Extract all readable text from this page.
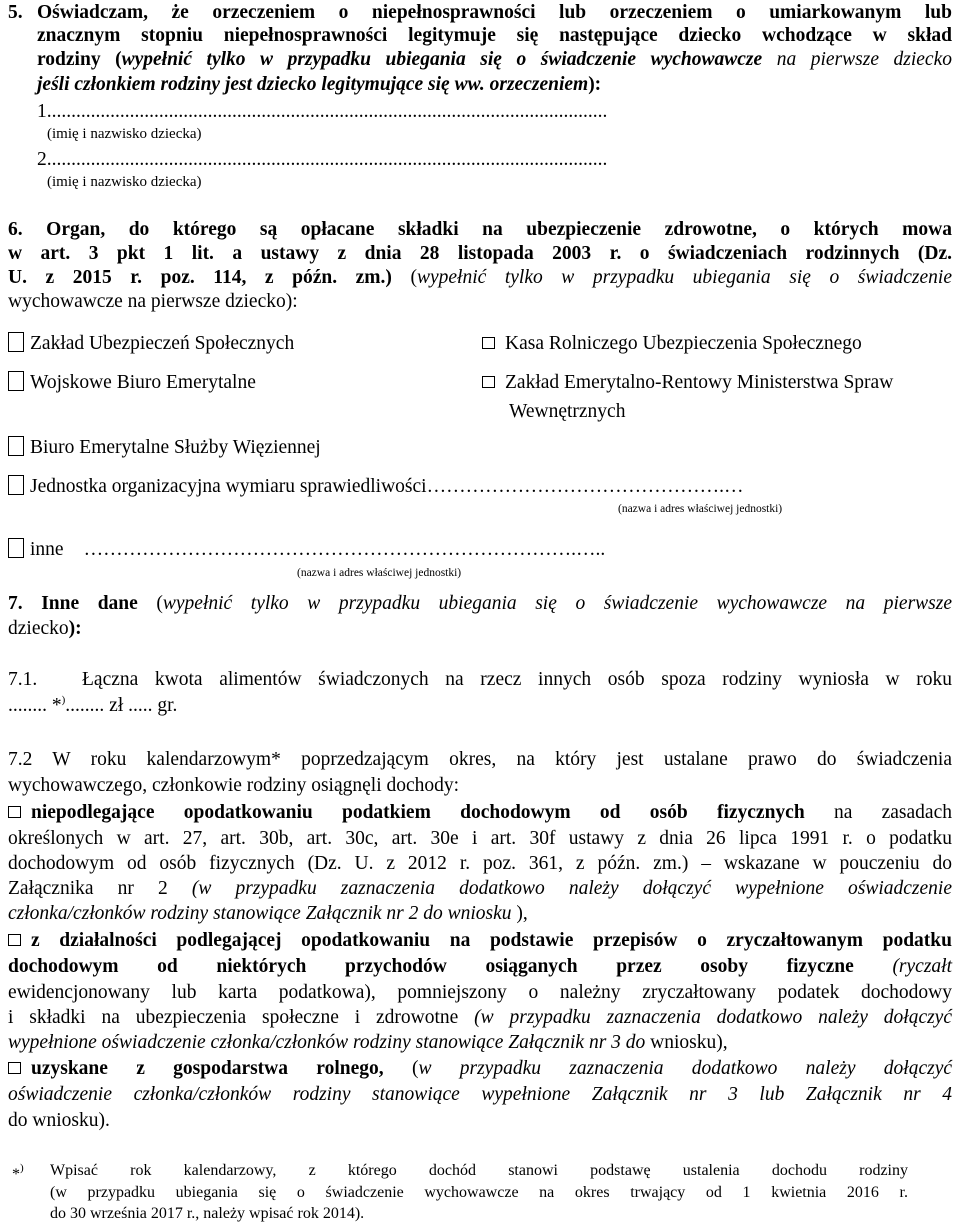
5. Oświadczam, że orzeczeniem o niepełnosprawności lub orzeczeniem o umiarkowanym lub
znacznym stopniu niepełnosprawności legitymuje się następujące dziecko wchodzące w skład
rodziny (wypełnić tylko w przypadku ubiegania się o świadczenie wychowawcze na pierwsze dziecko
jeśli członkiem rodziny jest dziecko legitymujące się ww. orzeczeniem):
1...................................................................................................................
(imię i nazwisko dziecka)
2...................................................................................................................
(imię i nazwisko dziecka)
6. Organ, do którego są opłacane składki na ubezpieczenie zdrowotne, o których mowa
w art. 3 pkt 1 lit. a ustawy z dnia 28 listopada 2003 r. o świadczeniach rodzinnych (Dz.
U. z 2015 r. poz. 114, z późn. zm.) (wypełnić tylko w przypadku ubiegania się o świadczenie
wychowawcze na pierwsze dziecko):
Zakład Ubezpieczeń Społecznych	Kasa Rolniczego Ubezpieczenia Społecznego
Wojskowe Biuro Emerytalne	Zakład Emerytalno-Rentowy Ministerstwa Spraw
Wewnętrznych
Biuro Emerytalne Służby Więziennej
Jednostka organizacyjna wymiaru sprawiedliwości……………………………………….…
(nazwa i adres właściwej jednostki)
inne ………………………………………………………………….…..
(nazwa i adres właściwej jednostki)
7. Inne dane (wypełnić tylko w przypadku ubiegania się o świadczenie wychowawcze na pierwsze
dziecko):
7.1. Łączna kwota alimentów świadczonych na rzecz innych osób spoza rodziny wyniosła w roku
........ *)........ zł ..... gr.
7.2 W roku kalendarzowym* poprzedzającym okres, na który jest ustalane prawo do świadczenia
wychowawczego, członkowie rodziny osiągnęli dochody:
niepodlegające opodatkowaniu podatkiem dochodowym od osób fizycznych na zasadach
określonych w art. 27, art. 30b, art. 30c, art. 30e i art. 30f ustawy z dnia 26 lipca 1991 r. o podatku
dochodowym od osób fizycznych (Dz. U. z 2012 r. poz. 361, z późn. zm.) – wskazane w pouczeniu do
Załącznika nr 2 (w przypadku zaznaczenia dodatkowo należy dołączyć wypełnione oświadczenie
członka/członków rodziny stanowiące Załącznik nr 2 do wniosku ),
z działalności podlegającej opodatkowaniu na podstawie przepisów o zryczałtowanym podatku
dochodowym od niektórych przychodów osiąganych przez osoby fizyczne (ryczałt
ewidencjonowany lub karta podatkowa), pomniejszony o należny zryczałtowany podatek dochodowy
i składki na ubezpieczenia społeczne i zdrowotne (w przypadku zaznaczenia dodatkowo należy dołączyć
wypełnione oświadczenie członka/członków rodziny stanowiące Załącznik nr 3 do wniosku),
uzyskane z gospodarstwa rolnego, (w przypadku zaznaczenia dodatkowo należy dołączyć
oświadczenie członka/członków rodziny stanowiące wypełnione Załącznik nr 3 lub Załącznik nr 4
do wniosku).
*) Wpisać rok kalendarzowy, z którego dochód stanowi podstawę ustalenia dochodu rodziny
(w przypadku ubiegania się o świadczenie wychowawcze na okres trwający od 1 kwietnia 2016 r.
do 30 września 2017 r., należy wpisać rok 2014).
